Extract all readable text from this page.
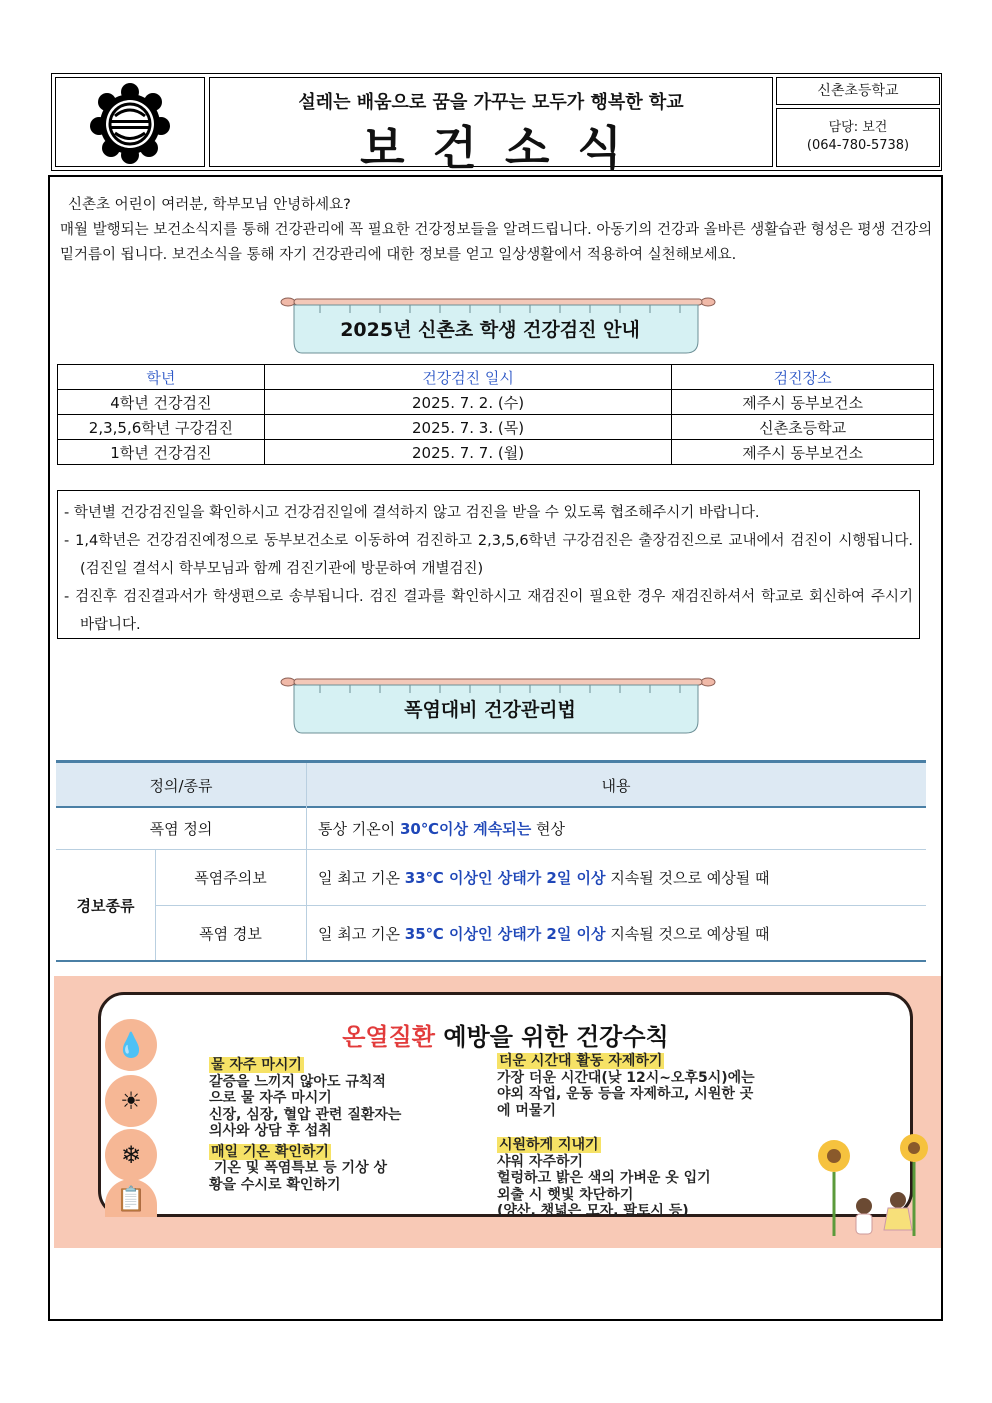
설레는 배움으로 꿈을 가꾸는 모두가 행복한 학교
보건소식
신촌초등학교
담당: 보건
(064-780-5738)

신촌초 어린이 여러분, 학부모님 안녕하세요?

매월 발행되는 보건소식지를 통해 건강관리에 꼭 필요한 건강정보들을 알려드립니다. 아동기의 건강과 올바른 생활습관 형성은 평생 건강의 밑거름이 됩니다. 보건소식을 통해 자기 건강관리에 대한 정보를 얻고 일상생활에서 적용하여 실천해보세요.

2025년 신촌초 학생 건강검진 안내
학년	건강검진 일시	검진장소
4학년 건강검진	2025. 7. 2. (수)	제주시 동부보건소
2,3,5,6학년 구강검진	2025. 7. 3. (목)	신촌초등학교
1학년 건강검진	2025. 7. 7. (월)	제주시 동부보건소
- 학년별 건강검진일을 확인하시고 건강검진일에 결석하지 않고 검진을 받을 수 있도록 협조해주시기 바랍니다.
- 1,4학년은 건강검진예정으로 동부보건소로 이동하여 검진하고 2,3,5,6학년 구강검진은 출장검진으로 교내에서 검진이 시행됩니다. (검진일 결석시 학부모님과 함께 검진기관에 방문하여 개별검진)
- 검진후 검진결과서가 학생편으로 송부됩니다. 검진 결과를 확인하시고 재검진이 필요한 경우 재검진하셔서 학교로 회신하여 주시기 바랍니다.
폭염대비 건강관리법
정의/종류	내용
폭염 정의	통상 기온이 30℃이상 계속되는 현상
경보종류
폭염주의보	일 최고 기온 33℃ 이상인 상태가 2일 이상 지속될 것으로 예상될 때
폭염 경보	일 최고 기온 35℃ 이상인 상태가 2일 이상 지속될 것으로 예상될 때
온열질환 예방을 위한 건강수칙
💧
☀
❄
📋
물 자주 마시기
갈증을 느끼지 않아도 규칙적
으로 물 자주 마시기
신장, 심장, 혈압 관련 질환자는
의사와 상담 후 섭취
매일 기온 확인하기
기온 및 폭염특보 등 기상 상
황을 수시로 확인하기
더운 시간대 활동 자제하기
가장 더운 시간대(낮 12시~오후5시)에는
야외 작업, 운동 등을 자제하고, 시원한 곳
에 머물기
시원하게 지내기
샤워 자주하기
헐렁하고 밝은 색의 가벼운 옷 입기
외출 시 햇빛 차단하기
(양산, 챙넓은 모자, 팔토시 등)
